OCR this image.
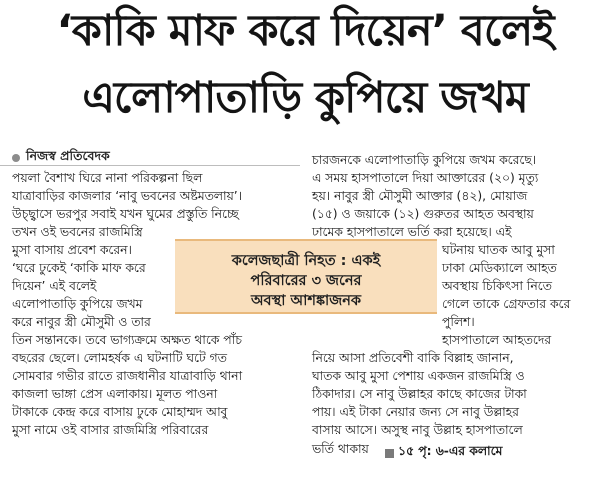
‘কাকি মাফ করে দিয়েন’ বলেই
এলোপাতাড়ি কুপিয়ে জখম
নিজস্ব প্রতিবেদক
পয়লা বৈশাখ ঘিরে নানা পরিকল্পনা ছিল
যাত্রাবাড়ির কাজলার ‘নাবু ভবনের অষ্টমতলায়’।
উচ্ছ্বাসে ভরপুর সবাই যখন ঘুমের প্রস্তুতি নিচ্ছে
তখন ওই ভবনের রাজমিস্ত্রি
মুসা বাসায় প্রবেশ করেন।
‘ঘরে ঢুকেই ‘কাকি মাফ করে
দিয়েন’ এই বলেই
এলোপাতাড়ি কুপিয়ে জখম
করে নাবুর স্ত্রী মৌসুমী ও তার
তিন সন্তানকে। তবে ভাগ্যক্রমে অক্ষত থাকে পাঁচ
বছরের ছেলে। লোমহর্ষক এ ঘটনাটি ঘটে গত
সোমবার গভীর রাতে রাজধানীর যাত্রাবাড়ি থানা
কাজলা ভাঙ্গা প্রেস এলাকায়। মূলত পাওনা
টাকাকে কেন্দ্র করে বাসায় ঢুকে মোহাম্মদ আবু
মুসা নামে ওই বাসার রাজমিস্ত্রি পরিবারের
চারজনকে এলোপাতাড়ি কুপিয়ে জখম করেছে।
এ সময় হাসপাতালে দিয়া আক্তারের (২০) মৃত্যু
হয়। নাবুর স্ত্রী মৌসুমী আক্তার (৪২), মোয়াজ
(১৫) ও জয়াকে (১২) গুরুতর আহত অবস্থায়
ঢামেক হাসপাতালে ভর্তি করা হয়েছে। এই
ঘটনায় ঘাতক আবু মুসা
ঢাকা মেডিক্যালে আহত
অবস্থায় চিকিৎসা নিতে
গেলে তাকে গ্রেফতার করে
পুলিশ।
হাসপাতালে আহতদের
নিয়ে আসা প্রতিবেশী বাকি বিল্লাহ জানান,
ঘাতক আবু মুসা পেশায় একজন রাজমিস্ত্রি ও
ঠিকাদার। সে নাবু উল্লাহর কাছে কাজের টাকা
পায়। এই টাকা নেয়ার জন্য সে নাবু উল্লাহর
বাসায় আসে। অসুস্থ নাবু উল্লাহ হাসপাতালে
ভর্তি থাকায়
কলেজছাত্রী নিহত : একই
পরিবারের ৩ জনের
অবস্থা আশঙ্কাজনক
১৫ পৃ: ৬-এর কলামে
